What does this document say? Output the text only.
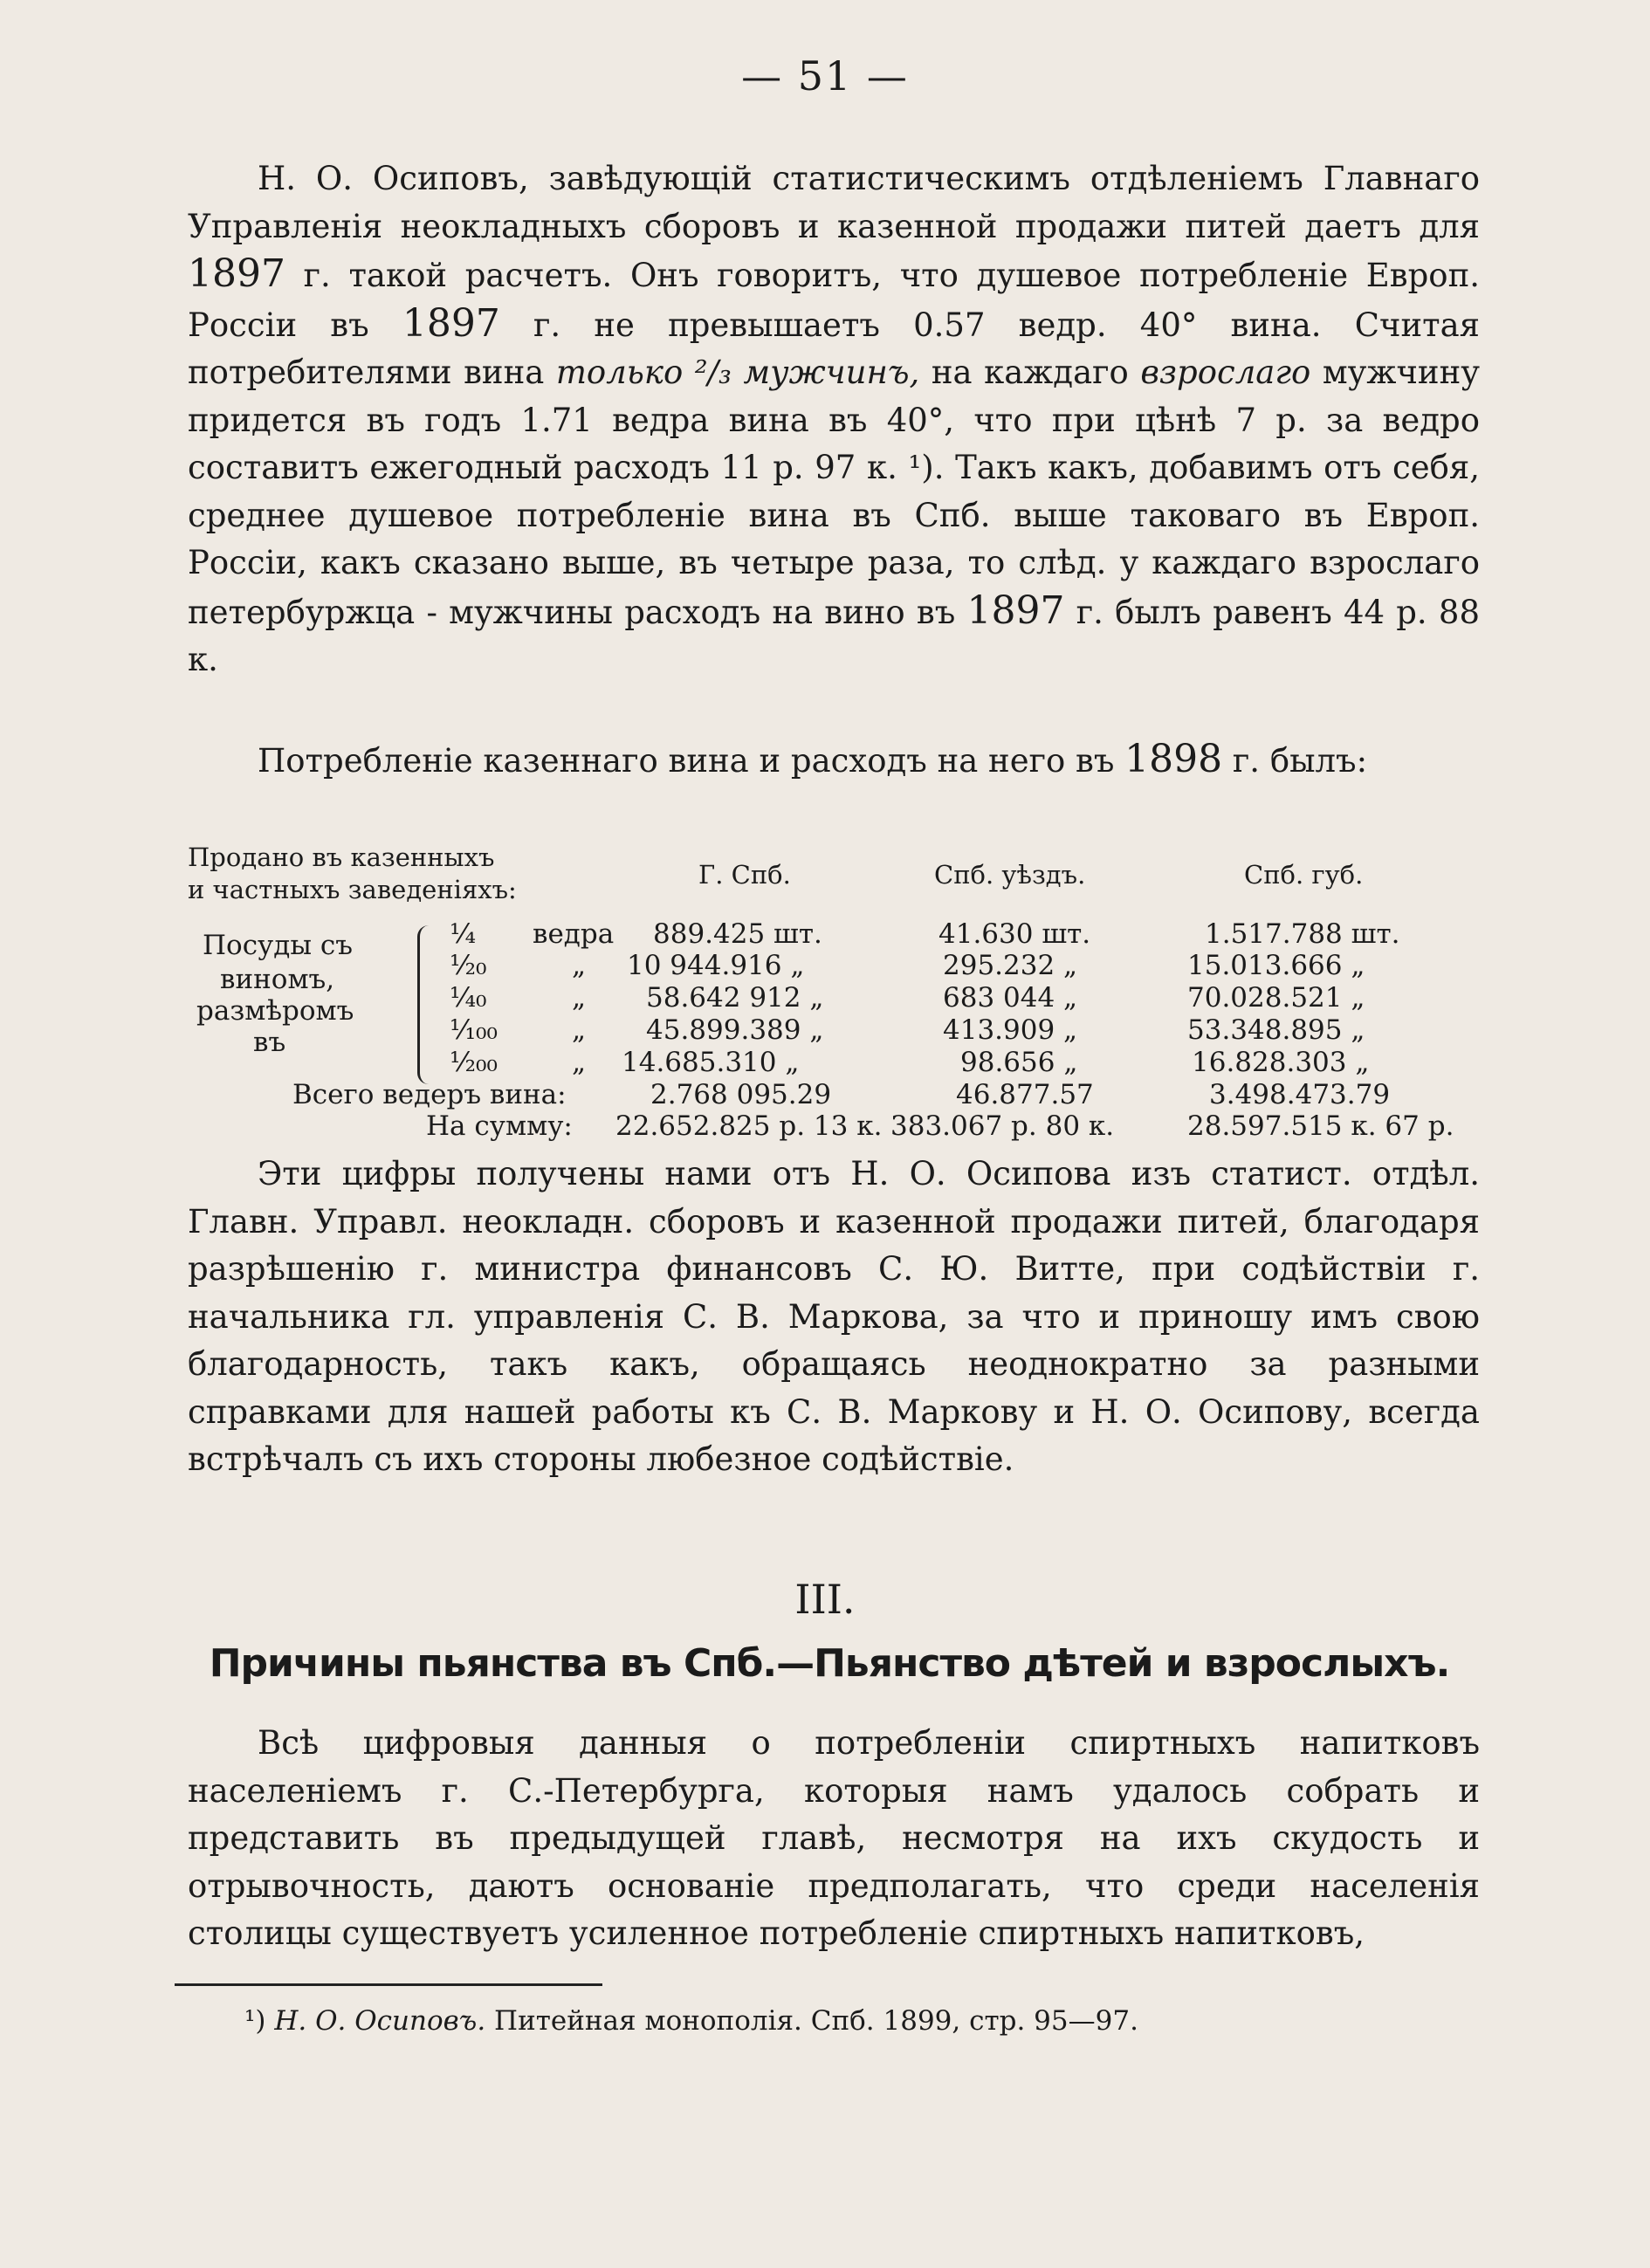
— 51 —
Н. О. Осиповъ, завѣдующій статистическимъ отдѣленіемъ Главнаго Управленія неокладныхъ сборовъ и казенной продажи питей даетъ для 1897 г. такой расчетъ. Онъ говоритъ, что душевое потребленіе Европ. Россіи въ 1897 г. не превышаетъ 0.57 ведр. 40° вина. Считая потребителями вина только ²/₃ мужчинъ, на каждаго взрослаго мужчину придется въ годъ 1.71 ведра вина въ 40°, что при цѣнѣ 7 р. за ведро составитъ ежегодный расходъ 11 р. 97 к. ¹). Такъ какъ, добавимъ отъ себя, среднее душевое потребленіе вина въ Спб. выше таковаго въ Европ. Россіи, какъ сказано выше, въ четыре раза, то слѣд. у каждаго взрослаго петербуржца - мужчины расходъ на вино въ 1897 г. былъ равенъ 44 р. 88 к.
Потребленіе казеннаго вина и расходъ на него въ 1898 г. былъ:
Продано въ казенныхъ
и частныхъ заведеніяхъ:	Г. Спб.	Спб. уѣздъ.	Спб. губ.
Посуды съ
виномъ,
размѣромъ
въ
¼ ведра 889.425 шт.	41.630 шт.	1.517.788 шт.
¹⁄₂₀	„ 10 944.916 „	295.232 „	15.013.666 „
¹⁄₄₀	„ 58.642 912 „	683 044 „	70.028.521 „
¹⁄₁₀₀	„ 45.899.389 „	413.909 „	53.348.895 „
¹⁄₂₀₀	„ 14.685.310 „	98.656 „	16.828.303 „
Всего ведеръ вина:	2.768 095.29	46.877.57	3.498.473.79
На сумму: 22.652.825 р. 13 к. 383.067 р. 80 к.	28.597.515 к. 67 р.
Эти цифры получены нами отъ Н. О. Осипова изъ статист. отдѣл. Главн. Управл. неокладн. сборовъ и казенной продажи питей, благодаря разрѣшенію г. министра финансовъ С. Ю. Витте, при содѣйствіи г. начальника гл. управленія С. В. Маркова, за что и приношу имъ свою благодарность, такъ какъ, обращаясь неоднократно за разными справками для нашей работы къ С. В. Маркову и Н. О. Осипову, всегда встрѣчалъ съ ихъ стороны любезное содѣйствіе.
III.
Причины пьянства въ Спб.—Пьянство дѣтей и взрослыхъ.
Всѣ цифровыя данныя о потребленіи спиртныхъ напитковъ населеніемъ г. С.-Петербурга, которыя намъ удалось собрать и представить въ предыдущей главѣ, несмотря на ихъ скудость и отрывочность, даютъ основаніе предполагать, что среди населенія столицы существуетъ усиленное потребленіе спиртныхъ напитковъ,
¹) Н. О. Осиповъ. Питейная монополія. Спб. 1899, стр. 95—97.
